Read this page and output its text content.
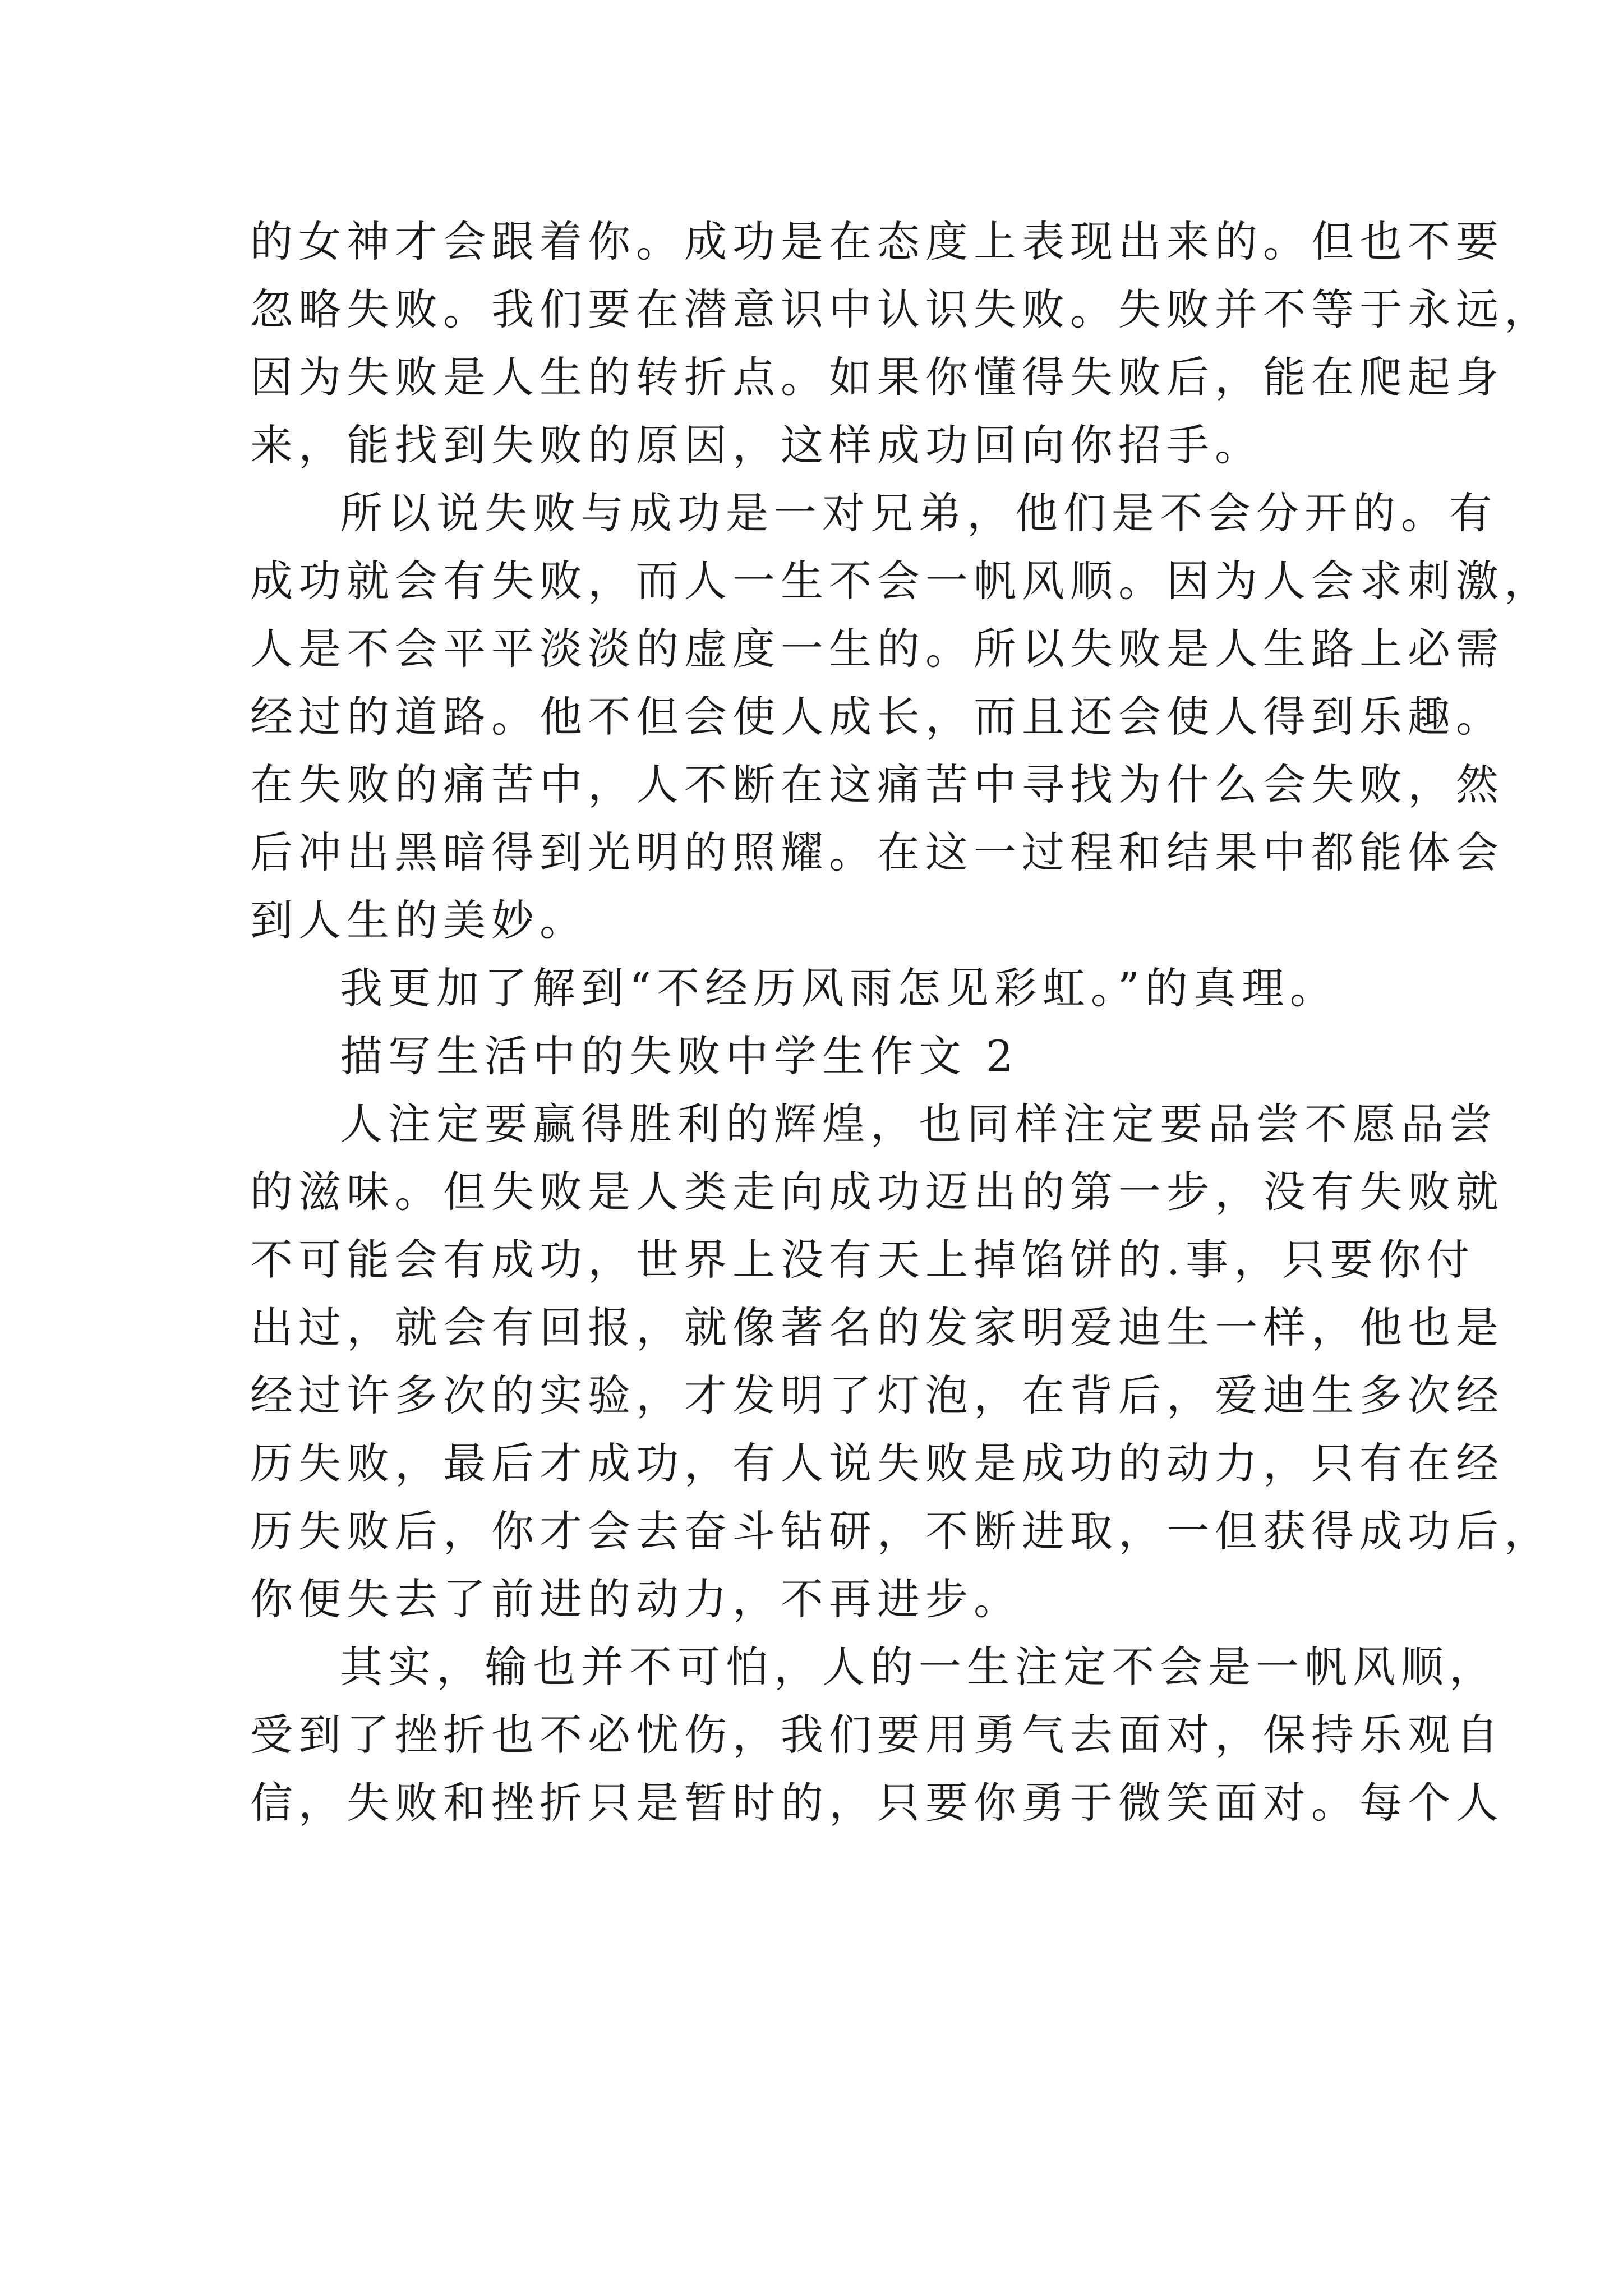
的女神才会跟着你。成功是在态度上表现出来的。但也不要
忽略失败。我们要在潜意识中认识失败。失败并不等于永远，
因为失败是人生的转折点。如果你懂得失败后，能在爬起身
来，能找到失败的原因，这样成功回向你招手。
所以说失败与成功是一对兄弟，他们是不会分开的。有
成功就会有失败，而人一生不会一帆风顺。因为人会求刺激，
人是不会平平淡淡的虚度一生的。所以失败是人生路上必需
经过的道路。他不但会使人成长，而且还会使人得到乐趣。
在失败的痛苦中，人不断在这痛苦中寻找为什么会失败，然
后冲出黑暗得到光明的照耀。在这一过程和结果中都能体会
到人生的美妙。
我更加了解到“不经历风雨怎见彩虹。”的真理。
描写生活中的失败中学生作文 2
人注定要赢得胜利的辉煌，也同样注定要品尝不愿品尝
的滋味。但失败是人类走向成功迈出的第一步，没有失败就
不可能会有成功，世界上没有天上掉馅饼的.事，只要你付
出过，就会有回报，就像著名的发家明爱迪生一样，他也是
经过许多次的实验，才发明了灯泡，在背后，爱迪生多次经
历失败，最后才成功，有人说失败是成功的动力，只有在经
历失败后，你才会去奋斗钻研，不断进取，一但获得成功后，
你便失去了前进的动力，不再进步。
其实，输也并不可怕，人的一生注定不会是一帆风顺，
受到了挫折也不必忧伤，我们要用勇气去面对，保持乐观自
信，失败和挫折只是暂时的，只要你勇于微笑面对。每个人
